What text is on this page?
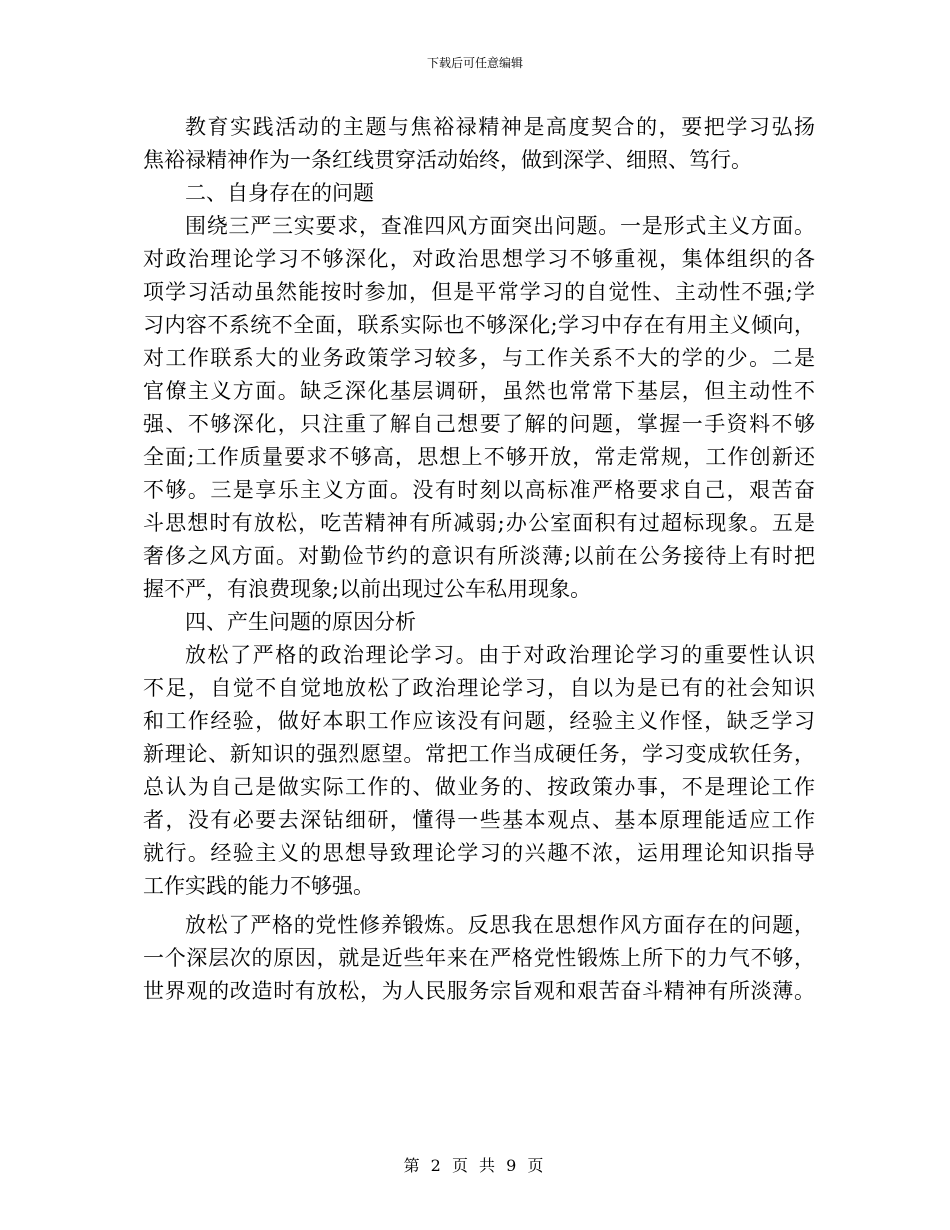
下载后可任意编辑
教育实践活动的主题与焦裕禄精神是高度契合的，要把学习弘扬
焦裕禄精神作为一条红线贯穿活动始终，做到深学、细照、笃行。
二、自身存在的问题
围绕三严三实要求，查准四风方面突出问题。一是形式主义方面。
对政治理论学习不够深化，对政治思想学习不够重视，集体组织的各
项学习活动虽然能按时参加，但是平常学习的自觉性、主动性不强;学
习内容不系统不全面，联系实际也不够深化;学习中存在有用主义倾向，
对工作联系大的业务政策学习较多，与工作关系不大的学的少。二是
官僚主义方面。缺乏深化基层调研，虽然也常常下基层，但主动性不
强、不够深化，只注重了解自己想要了解的问题，掌握一手资料不够
全面;工作质量要求不够高，思想上不够开放，常走常规，工作创新还
不够。三是享乐主义方面。没有时刻以高标准严格要求自己，艰苦奋
斗思想时有放松，吃苦精神有所减弱;办公室面积有过超标现象。五是
奢侈之风方面。对勤俭节约的意识有所淡薄;以前在公务接待上有时把
握不严，有浪费现象;以前出现过公车私用现象。
四、产生问题的原因分析
放松了严格的政治理论学习。由于对政治理论学习的重要性认识
不足，自觉不自觉地放松了政治理论学习，自以为是已有的社会知识
和工作经验，做好本职工作应该没有问题，经验主义作怪，缺乏学习
新理论、新知识的强烈愿望。常把工作当成硬任务，学习变成软任务，
总认为自己是做实际工作的、做业务的、按政策办事，不是理论工作
者，没有必要去深钻细研，懂得一些基本观点、基本原理能适应工作
就行。经验主义的思想导致理论学习的兴趣不浓，运用理论知识指导
工作实践的能力不够强。
放松了严格的党性修养锻炼。反思我在思想作风方面存在的问题，
一个深层次的原因，就是近些年来在严格党性锻炼上所下的力气不够，
世界观的改造时有放松，为人民服务宗旨观和艰苦奋斗精神有所淡薄。
第 2 页 共 9 页
